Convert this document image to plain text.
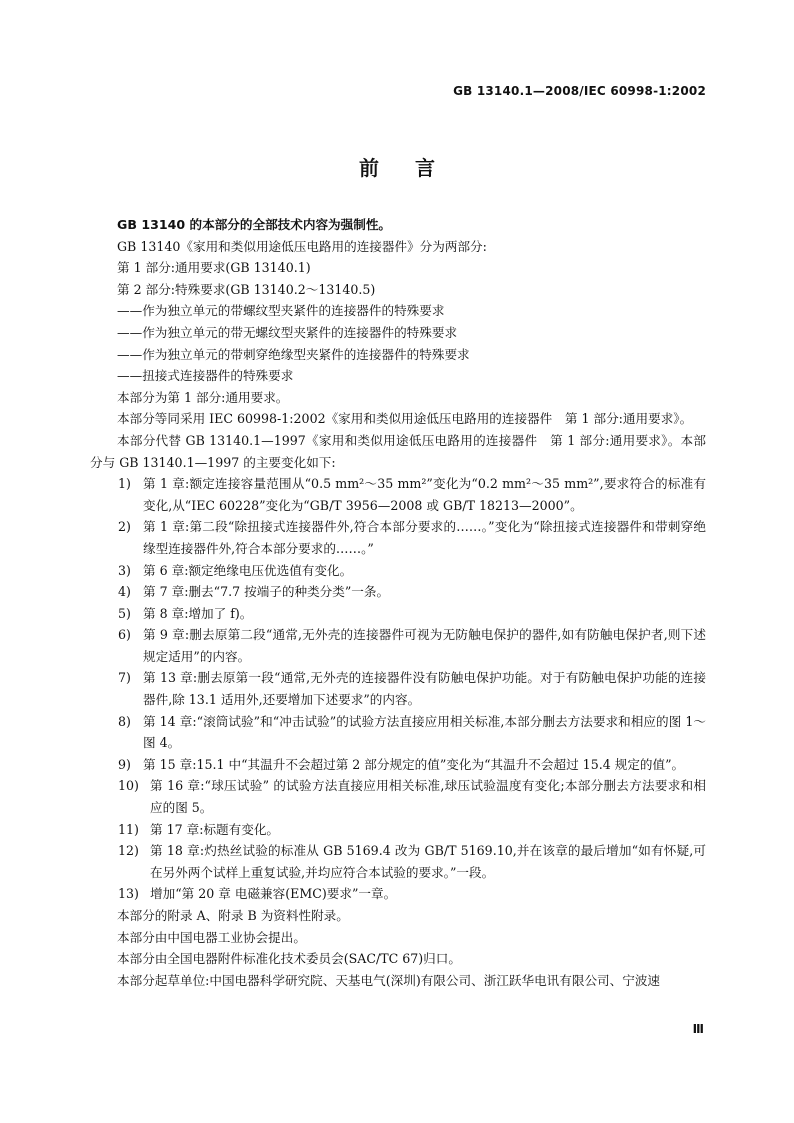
GB 13140.1—2008/IEC 60998-1:2002
前言

GB 13140 的本部分的全部技术内容为强制性。

GB 13140《家用和类似用途低压电路用的连接器件》分为两部分:

第 1 部分:通用要求(GB 13140.1)

第 2 部分:特殊要求(GB 13140.2～13140.5)

——作为独立单元的带螺纹型夹紧件的连接器件的特殊要求

——作为独立单元的带无螺纹型夹紧件的连接器件的特殊要求

——作为独立单元的带刺穿绝缘型夹紧件的连接器件的特殊要求

——扭接式连接器件的特殊要求

本部分为第 1 部分:通用要求。

本部分等同采用 IEC 60998-1:2002《家用和类似用途低压电路用的连接器件　第 1 部分:通用要求》。

本部分代替 GB 13140.1—1997《家用和类似用途低压电路用的连接器件　第 1 部分:通用要求》。本部分与 GB 13140.1—1997 的主要变化如下:

1) 第 1 章:额定连接容量范围从“0.5 mm²～35 mm²”变化为“0.2 mm²～35 mm²”,要求符合的标准有变化,从“IEC 60228”变化为“GB/T 3956—2008 或 GB/T 18213—2000”。

2) 第 1 章:第二段“除扭接式连接器件外,符合本部分要求的……。”变化为“除扭接式连接器件和带刺穿绝缘型连接器件外,符合本部分要求的……。”

3) 第 6 章:额定绝缘电压优选值有变化。

4) 第 7 章:删去“7.7 按端子的种类分类”一条。

5) 第 8 章:增加了 f)。

6) 第 9 章:删去原第二段“通常,无外壳的连接器件可视为无防触电保护的器件,如有防触电保护者,则下述规定适用”的内容。

7) 第 13 章:删去原第一段“通常,无外壳的连接器件没有防触电保护功能。对于有防触电保护功能的连接器件,除 13.1 适用外,还要增加下述要求”的内容。

8) 第 14 章:“滚筒试验”和“冲击试验”的试验方法直接应用相关标准,本部分删去方法要求和相应的图 1～图 4。

9) 第 15 章:15.1 中“其温升不会超过第 2 部分规定的值”变化为“其温升不会超过 15.4 规定的值”。

10) 第 16 章:“球压试验” 的试验方法直接应用相关标准,球压试验温度有变化;本部分删去方法要求和相应的图 5。

11) 第 17 章:标题有变化。

12) 第 18 章:灼热丝试验的标准从 GB 5169.4 改为 GB/T 5169.10,并在该章的最后增加“如有怀疑,可在另外两个试样上重复试验,并均应符合本试验的要求。”一段。

13) 增加“第 20 章 电磁兼容(EMC)要求”一章。

本部分的附录 A、附录 B 为资料性附录。

本部分由中国电器工业协会提出。

本部分由全国电器附件标准化技术委员会(SAC/TC 67)归口。

本部分起草单位:中国电器科学研究院、天基电气(深圳)有限公司、浙江跃华电讯有限公司、宁波速

Ⅲ
